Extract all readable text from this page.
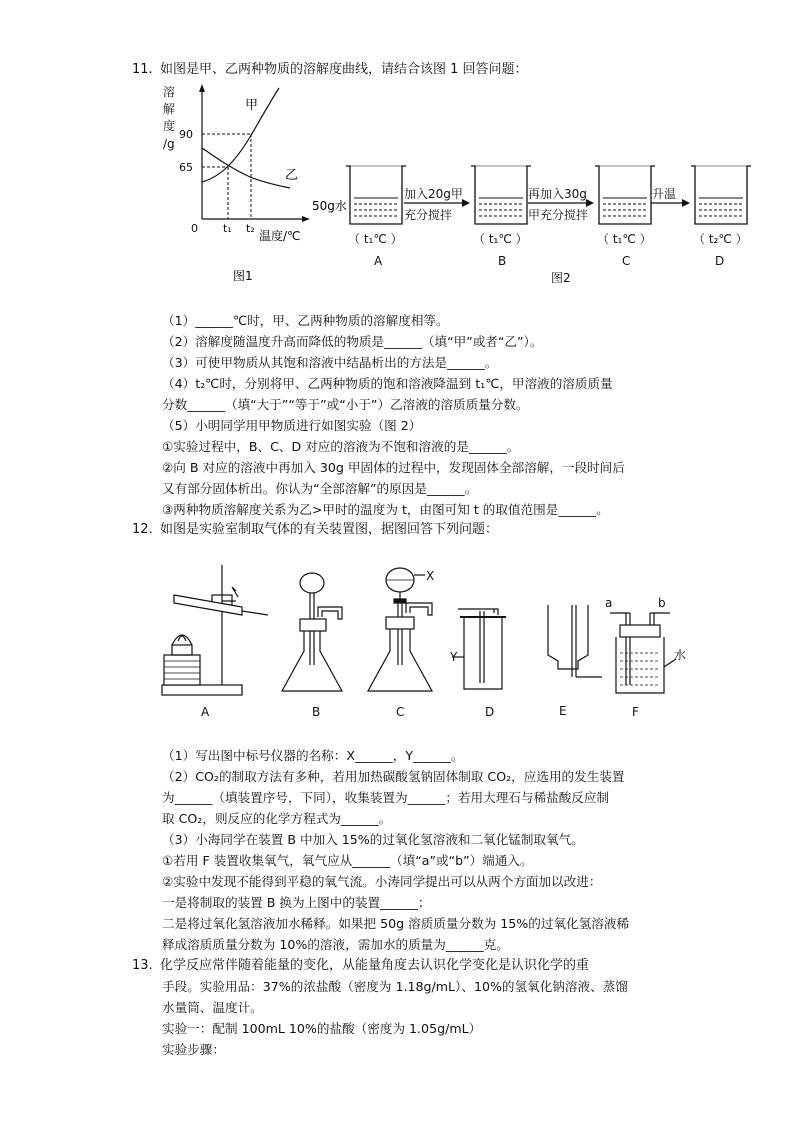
11. 如图是甲、乙两种物质的溶解度曲线，请结合该图 1 回答问题：
溶
解
度
/g
90
65
0 t₁ t₂
温度/℃
甲
乙
图1
50g水
加入20g甲
充分搅拌
再加入30g
甲充分搅拌
升温
（ t₁℃ ）	（ t₁℃ ）	（ t₁℃ ）	（ t₂℃ ）
A	B	C	D
图2
（1）______℃时，甲、乙两种物质的溶解度相等。
（2）溶解度随温度升高而降低的物质是______（填“甲”或者“乙”）。
（3）可使甲物质从其饱和溶液中结晶析出的方法是______。
（4）t₂℃时，分别将甲、乙两种物质的饱和溶液降温到 t₁℃，甲溶液的溶质质量
分数______（填“大于”“等于”或“小于”）乙溶液的溶质质量分数。
（5）小明同学用甲物质进行如图实验（图 2）
①实验过程中，B、C、D 对应的溶液为不饱和溶液的是______。
②向 B 对应的溶液中再加入 30g 甲固体的过程中，发现固体全部溶解，一段时间后
又有部分固体析出。你认为“全部溶解”的原因是______。
③两种物质溶解度关系为乙>甲时的温度为 t，由图可知 t 的取值范围是______。
12. 如图是实验室制取气体的有关装置图，据图回答下列问题：
X
Y
a	b
水
A	B	C	D	E	F
（1）写出图中标号仪器的名称：X______，Y______。
（2）CO₂的制取方法有多种，若用加热碳酸氢钠固体制取 CO₂，应选用的发生装置
为______（填装置序号，下同），收集装置为______；若用大理石与稀盐酸反应制
取 CO₂，则反应的化学方程式为______。
（3）小海同学在装置 B 中加入 15%的过氧化氢溶液和二氧化锰制取氧气。
①若用 F 装置收集氧气，氧气应从______（填“a”或“b”）端通入。
②实验中发现不能得到平稳的氧气流。小涛同学提出可以从两个方面加以改进：
一是将制取的装置 B 换为上图中的装置______；
二是将过氧化氢溶液加水稀释。如果把 50g 溶质质量分数为 15%的过氧化氢溶液稀
释成溶质质量分数为 10%的溶液，需加水的质量为______克。
13. 化学反应常伴随着能量的变化，从能量角度去认识化学变化是认识化学的重
手段。实验用品：37%的浓盐酸（密度为 1.18g/mL）、10%的氢氧化钠溶液、蒸馏
水量筒、温度计。
实验一：配制 100mL 10%的盐酸（密度为 1.05g/mL）
实验步骤：
